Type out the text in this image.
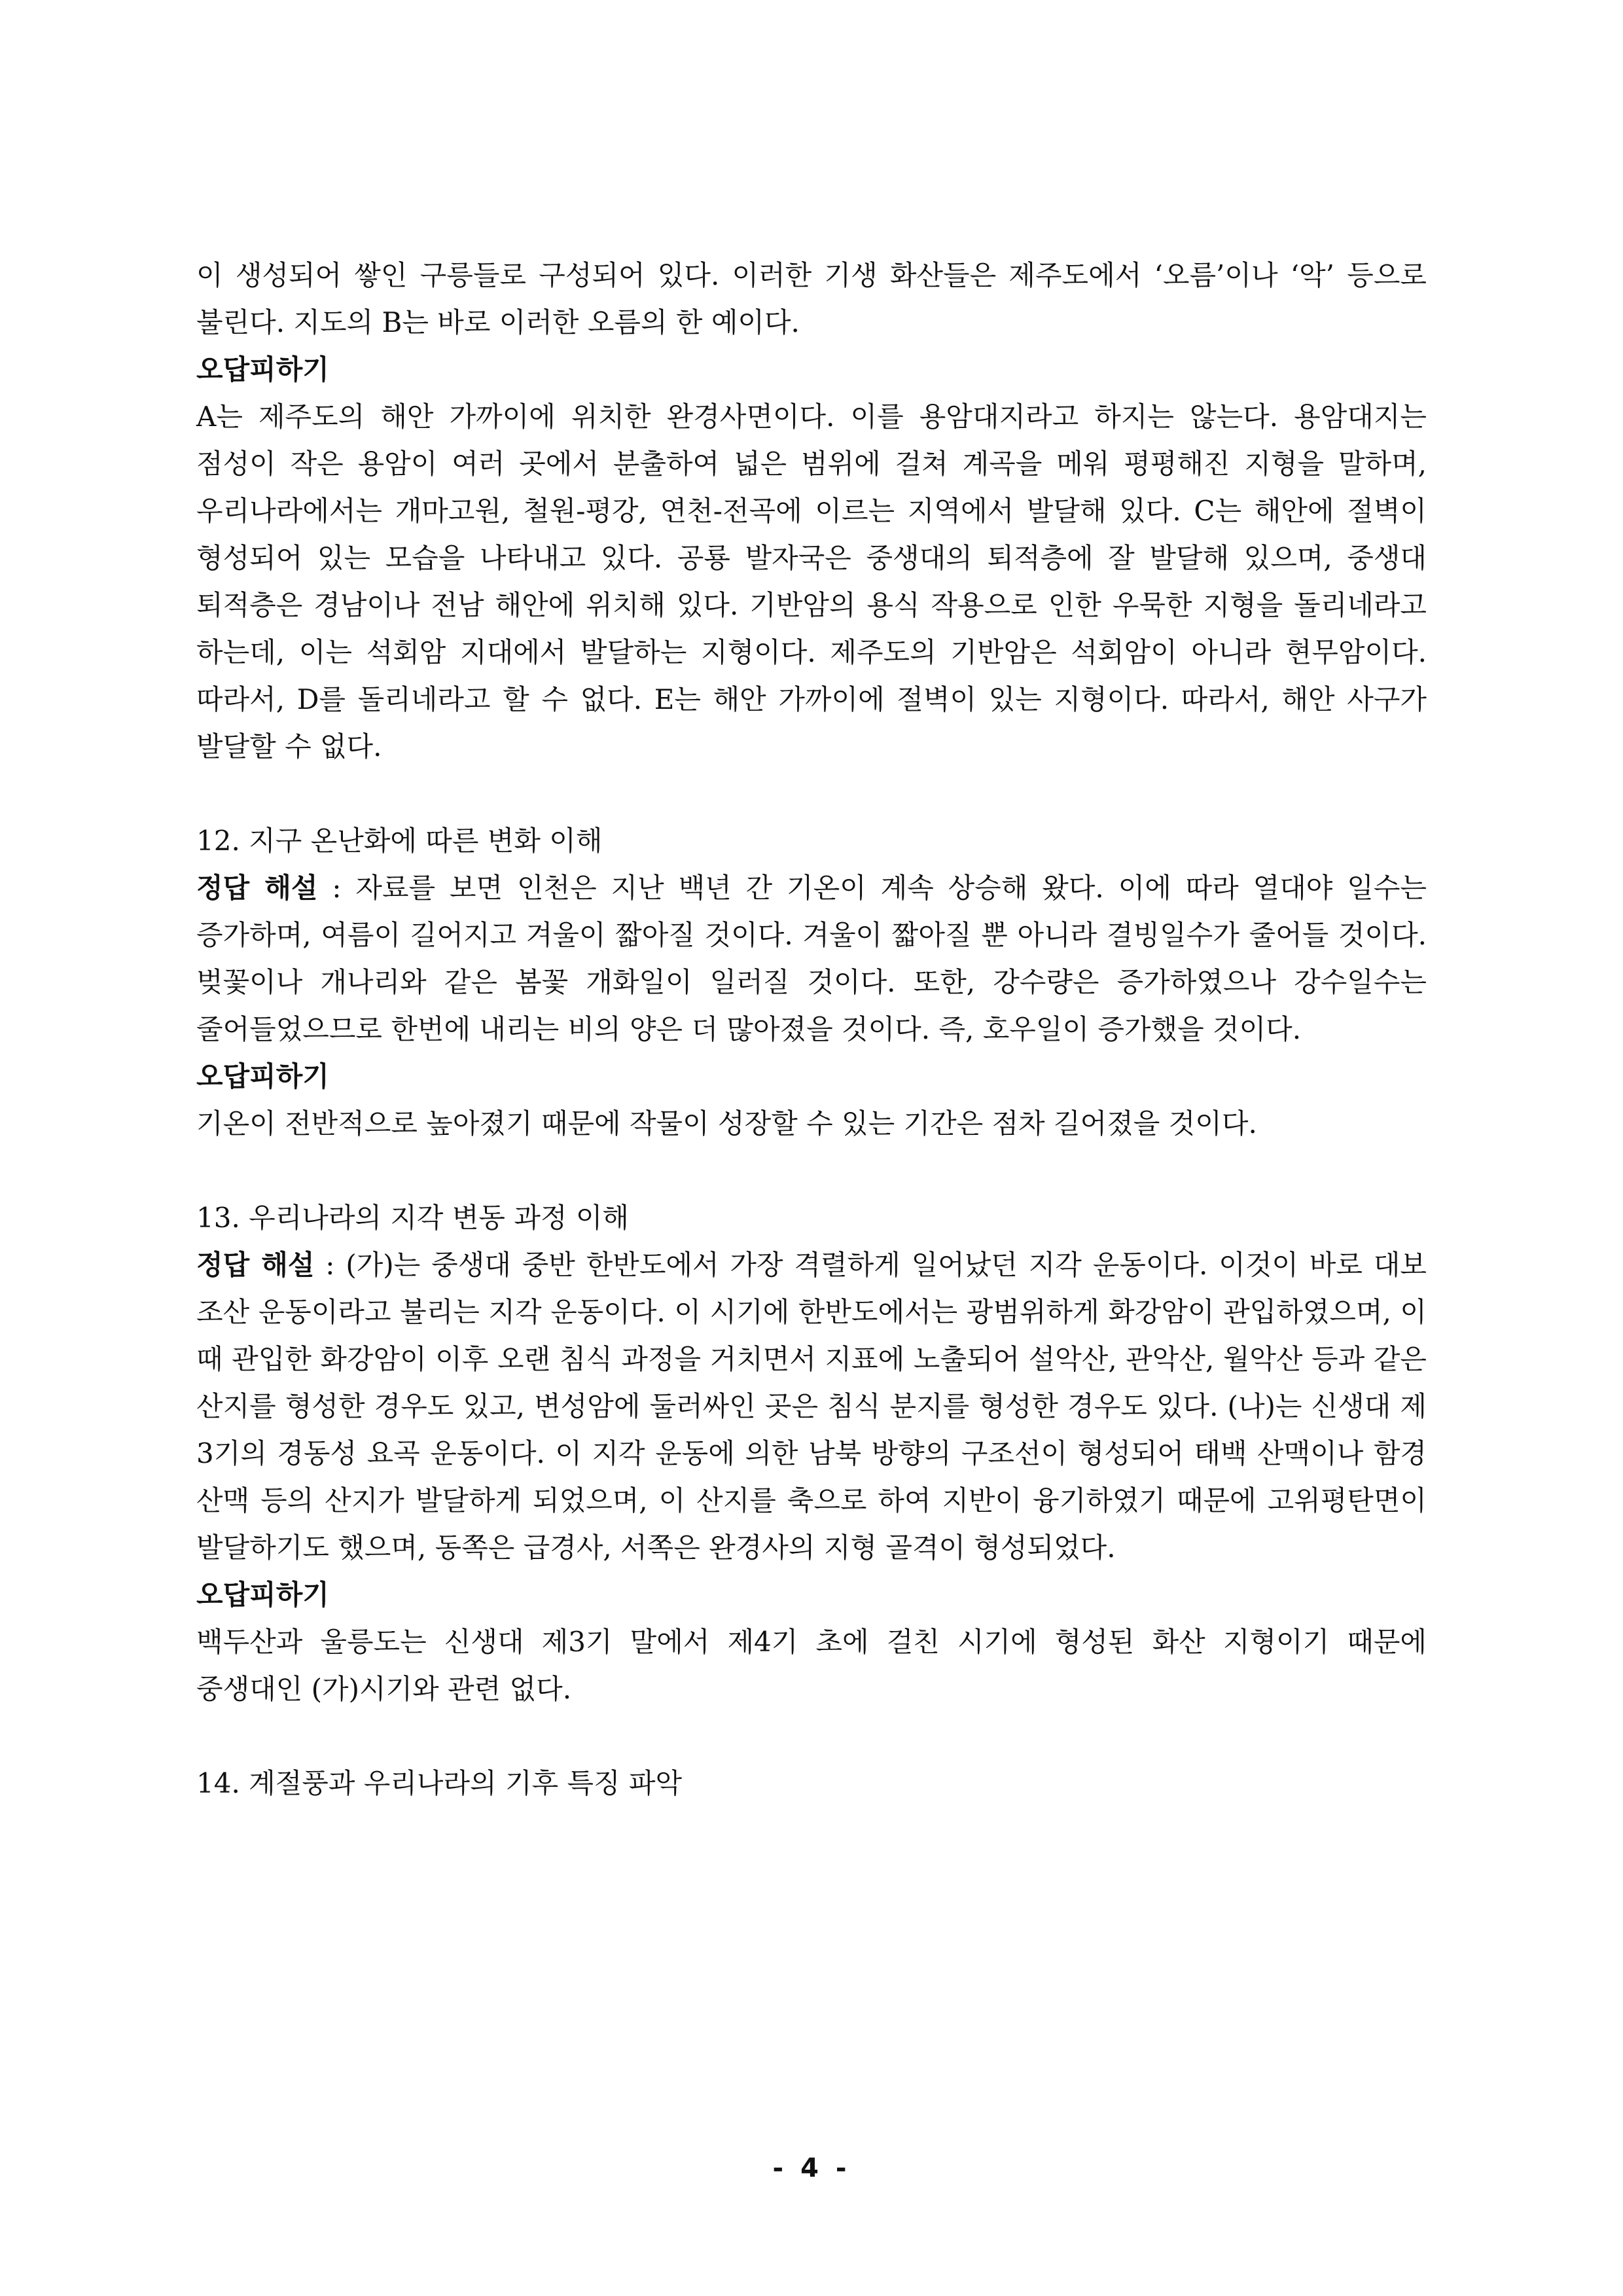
이 생성되어 쌓인 구릉들로 구성되어 있다. 이러한 기생 화산들은 제주도에서 ‘오름’이나 ‘악’ 등으로 불린다. 지도의 B는 바로 이러한 오름의 한 예이다.

오답피하기

A는 제주도의 해안 가까이에 위치한 완경사면이다. 이를 용암대지라고 하지는 않는다. 용암대지는 점성이 작은 용암이 여러 곳에서 분출하여 넓은 범위에 걸쳐 계곡을 메워 평평해진 지형을 말하며, 우리나라에서는 개마고원, 철원-평강, 연천-전곡에 이르는 지역에서 발달해 있다. C는 해안에 절벽이 형성되어 있는 모습을 나타내고 있다. 공룡 발자국은 중생대의 퇴적층에 잘 발달해 있으며, 중생대 퇴적층은 경남이나 전남 해안에 위치해 있다. 기반암의 용식 작용으로 인한 우묵한 지형을 돌리네라고 하는데, 이는 석회암 지대에서 발달하는 지형이다. 제주도의 기반암은 석회암이 아니라 현무암이다. 따라서, D를 돌리네라고 할 수 없다. E는 해안 가까이에 절벽이 있는 지형이다. 따라서, 해안 사구가 발달할 수 없다.

12. 지구 온난화에 따른 변화 이해

정답 해설 : 자료를 보면 인천은 지난 백년 간 기온이 계속 상승해 왔다. 이에 따라 열대야 일수는 증가하며, 여름이 길어지고 겨울이 짧아질 것이다. 겨울이 짧아질 뿐 아니라 결빙일수가 줄어들 것이다. 벚꽃이나 개나리와 같은 봄꽃 개화일이 일러질 것이다. 또한, 강수량은 증가하였으나 강수일수는 줄어들었으므로 한번에 내리는 비의 양은 더 많아졌을 것이다. 즉, 호우일이 증가했을 것이다.

오답피하기

기온이 전반적으로 높아졌기 때문에 작물이 성장할 수 있는 기간은 점차 길어졌을 것이다.

13. 우리나라의 지각 변동 과정 이해

정답 해설 : (가)는 중생대 중반 한반도에서 가장 격렬하게 일어났던 지각 운동이다. 이것이 바로 대보 조산 운동이라고 불리는 지각 운동이다. 이 시기에 한반도에서는 광범위하게 화강암이 관입하였으며, 이 때 관입한 화강암이 이후 오랜 침식 과정을 거치면서 지표에 노출되어 설악산, 관악산, 월악산 등과 같은 산지를 형성한 경우도 있고, 변성암에 둘러싸인 곳은 침식 분지를 형성한 경우도 있다. (나)는 신생대 제 3기의 경동성 요곡 운동이다. 이 지각 운동에 의한 남북 방향의 구조선이 형성되어 태백 산맥이나 함경 산맥 등의 산지가 발달하게 되었으며, 이 산지를 축으로 하여 지반이 융기하였기 때문에 고위평탄면이 발달하기도 했으며, 동쪽은 급경사, 서쪽은 완경사의 지형 골격이 형성되었다.

오답피하기

백두산과 울릉도는 신생대 제3기 말에서 제4기 초에 걸친 시기에 형성된 화산 지형이기 때문에 중생대인 (가)시기와 관련 없다.

14. 계절풍과 우리나라의 기후 특징 파악

- 4 -
